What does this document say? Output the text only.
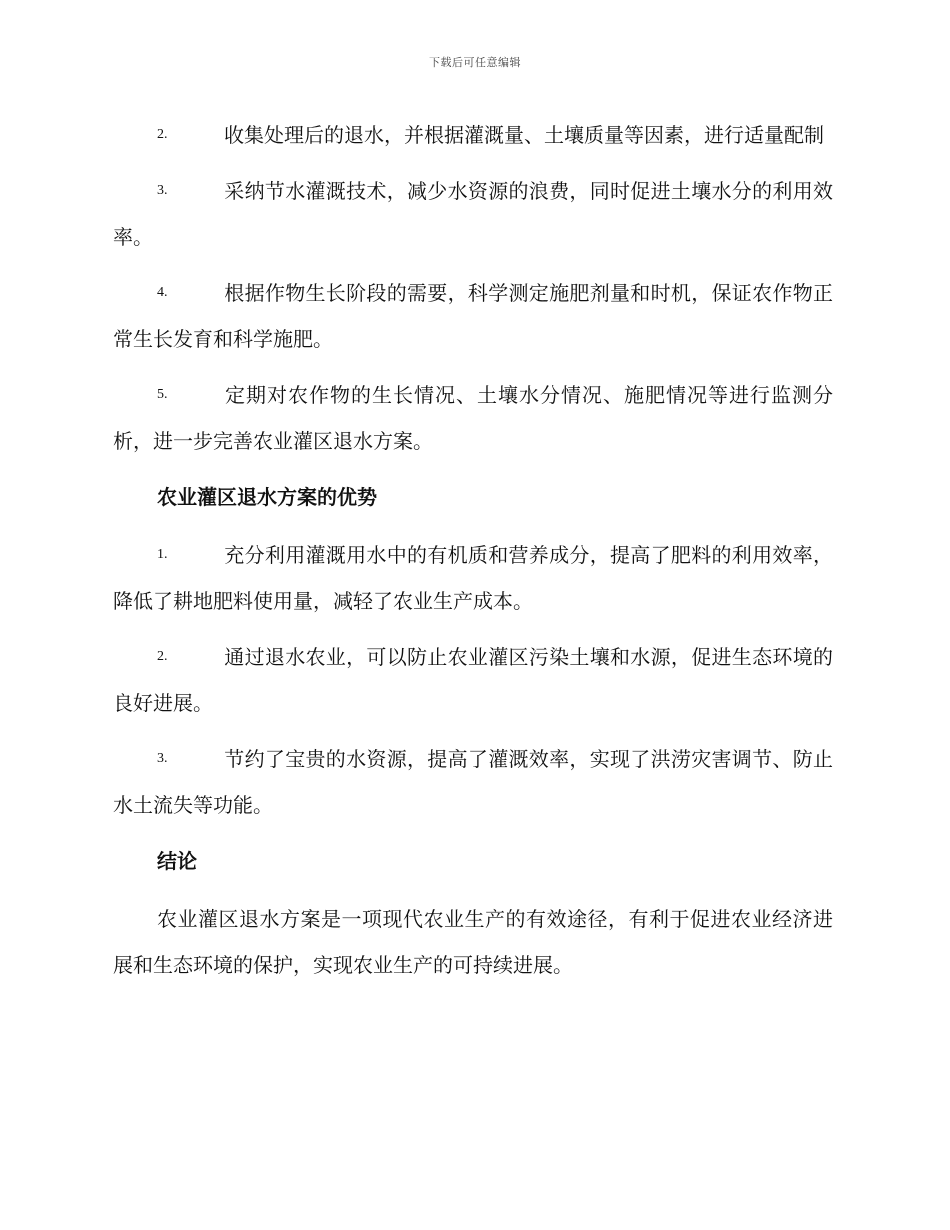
下载后可任意编辑
2.	收集处理后的退水，并根据灌溉量、土壤质量等因素，进行适量配制
3.	采纳节水灌溉技术，减少水资源的浪费，同时促进土壤水分的利用效率。
4.	根据作物生长阶段的需要，科学测定施肥剂量和时机，保证农作物正常生长发育和科学施肥。
5.	定期对农作物的生长情况、土壤水分情况、施肥情况等进行监测分析，进一步完善农业灌区退水方案。
农业灌区退水方案的优势
1.	充分利用灌溉用水中的有机质和营养成分，提高了肥料的利用效率，降低了耕地肥料使用量，减轻了农业生产成本。
2.	通过退水农业，可以防止农业灌区污染土壤和水源，促进生态环境的良好进展。
3.	节约了宝贵的水资源，提高了灌溉效率，实现了洪涝灾害调节、防止水土流失等功能。
结论

农业灌区退水方案是一项现代农业生产的有效途径，有利于促进农业经济进展和生态环境的保护，实现农业生产的可持续进展。
